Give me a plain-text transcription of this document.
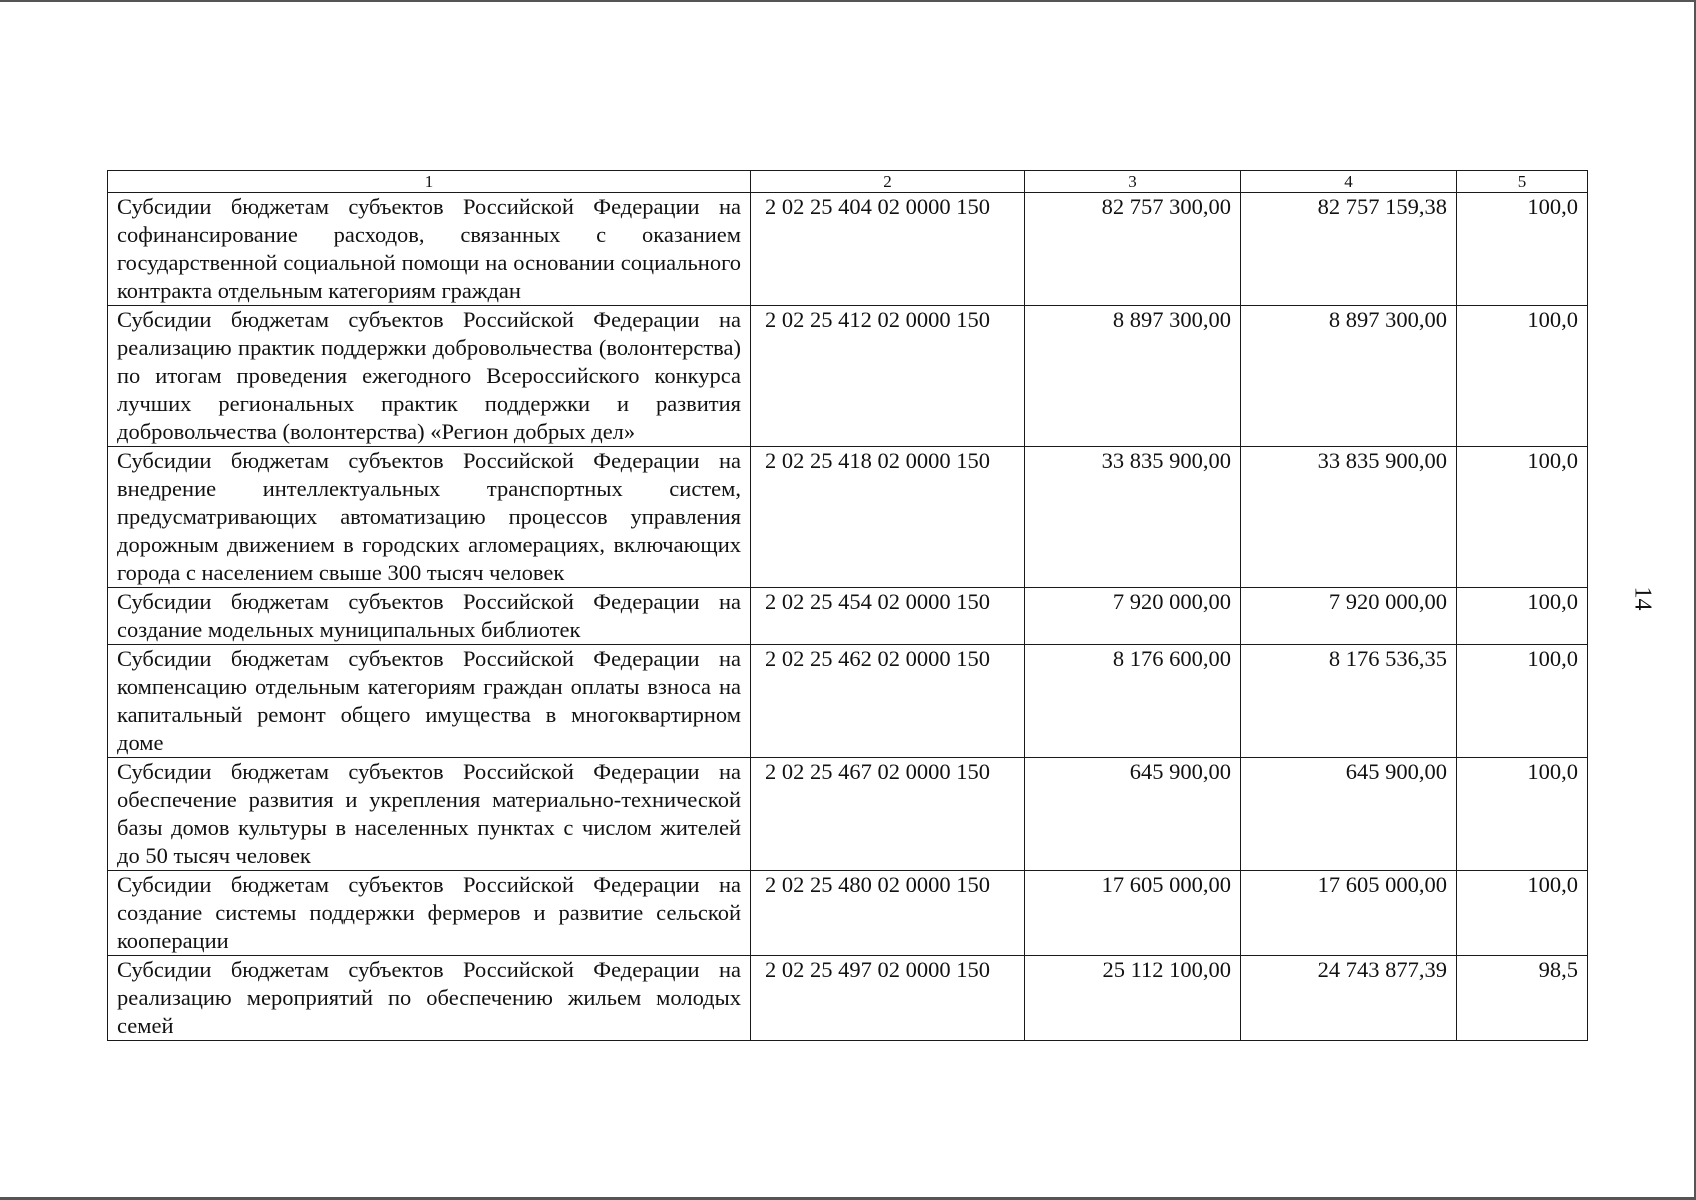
1	2	3	4	5
Субсидии бюджетам субъектов Российской Федерации на софинансирование расходов, связанных с оказанием государственной социальной помощи на основании социального контракта отдельным категориям граждан	2 02 25 404 02 0000 150	82 757 300,00	82 757 159,38	100,0
Субсидии бюджетам субъектов Российской Федерации на реализацию практик поддержки добровольчества (волонтерства) по итогам проведения ежегодного Всероссийского конкурса лучших региональных практик поддержки и развития добровольчества (волонтерства) «Регион добрых дел»	2 02 25 412 02 0000 150	8 897 300,00	8 897 300,00	100,0
Субсидии бюджетам субъектов Российской Федерации на внедрение интеллектуальных транспортных систем, предусматривающих автоматизацию процессов управления дорожным движением в городских агломерациях, включающих города с населением свыше 300 тысяч человек	2 02 25 418 02 0000 150	33 835 900,00	33 835 900,00	100,0
Субсидии бюджетам субъектов Российской Федерации на создание модельных муниципальных библиотек	2 02 25 454 02 0000 150	7 920 000,00	7 920 000,00	100,0
Субсидии бюджетам субъектов Российской Федерации на компенсацию отдельным категориям граждан оплаты взноса на капитальный ремонт общего имущества в многоквартирном доме	2 02 25 462 02 0000 150	8 176 600,00	8 176 536,35	100,0
Субсидии бюджетам субъектов Российской Федерации на обеспечение развития и укрепления материально-технической базы домов культуры в населенных пунктах с числом жителей до 50 тысяч человек	2 02 25 467 02 0000 150	645 900,00	645 900,00	100,0
Субсидии бюджетам субъектов Российской Федерации на создание системы поддержки фермеров и развитие сельской кооперации	2 02 25 480 02 0000 150	17 605 000,00	17 605 000,00	100,0
Субсидии бюджетам субъектов Российской Федерации на реализацию мероприятий по обеспечению жильем молодых семей	2 02 25 497 02 0000 150	25 112 100,00	24 743 877,39	98,5
14
